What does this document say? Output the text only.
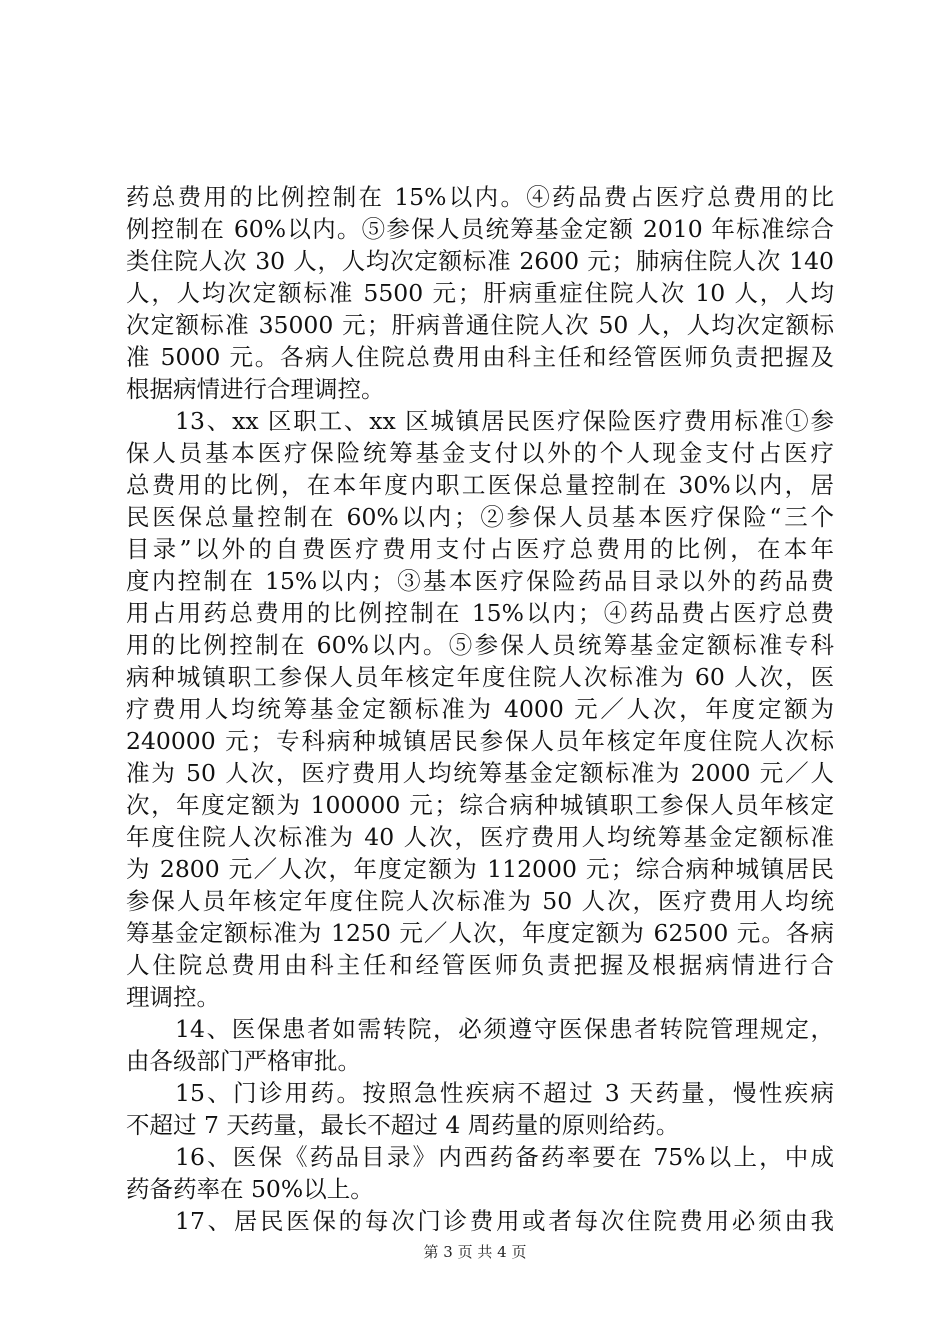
药总费用的比例控制在 15%以内。④药品费占医疗总费用的比
例控制在 60%以内。⑤参保人员统筹基金定额 2010 年标准综合
类住院人次 30 人，人均次定额标准 2600 元；肺病住院人次 140
人，人均次定额标准 5500 元；肝病重症住院人次 10 人，人均
次定额标准 35000 元；肝病普通住院人次 50 人，人均次定额标
准 5000 元。各病人住院总费用由科主任和经管医师负责把握及
根据病情进行合理调控。
13、xx 区职工、xx 区城镇居民医疗保险医疗费用标准①参
保人员基本医疗保险统筹基金支付以外的个人现金支付占医疗
总费用的比例，在本年度内职工医保总量控制在 30%以内，居
民医保总量控制在 60%以内；②参保人员基本医疗保险“三个
目录”以外的自费医疗费用支付占医疗总费用的比例，在本年
度内控制在 15%以内；③基本医疗保险药品目录以外的药品费
用占用药总费用的比例控制在 15%以内；④药品费占医疗总费
用的比例控制在 60%以内。⑤参保人员统筹基金定额标准专科
病种城镇职工参保人员年核定年度住院人次标准为 60 人次，医
疗费用人均统筹基金定额标准为 4000 元／人次，年度定额为
240000 元；专科病种城镇居民参保人员年核定年度住院人次标
准为 50 人次，医疗费用人均统筹基金定额标准为 2000 元／人
次，年度定额为 100000 元；综合病种城镇职工参保人员年核定
年度住院人次标准为 40 人次，医疗费用人均统筹基金定额标准
为 2800 元／人次，年度定额为 112000 元；综合病种城镇居民
参保人员年核定年度住院人次标准为 50 人次，医疗费用人均统
筹基金定额标准为 1250 元／人次，年度定额为 62500 元。各病
人住院总费用由科主任和经管医师负责把握及根据病情进行合
理调控。
14、医保患者如需转院，必须遵守医保患者转院管理规定，
由各级部门严格审批。
15、门诊用药。按照急性疾病不超过 3 天药量，慢性疾病
不超过 7 天药量，最长不超过 4 周药量的原则给药。
16、医保《药品目录》内西药备药率要在 75%以上，中成
药备药率在 50%以上。
17、居民医保的每次门诊费用或者每次住院费用必须由我
第 3 页 共 4 页
